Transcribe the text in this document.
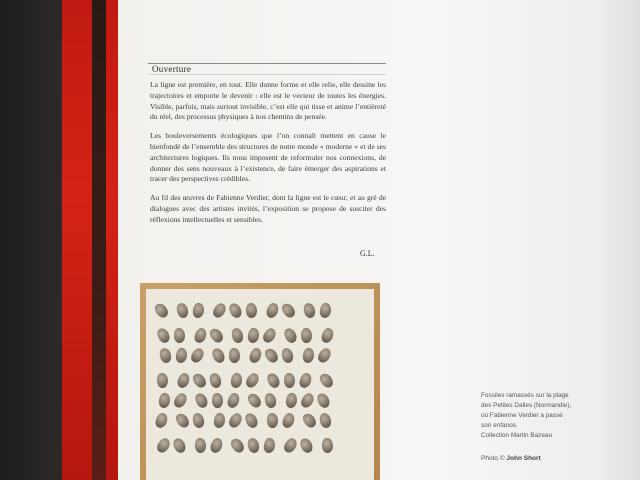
Ouverture

La ligne est première, en tout. Elle donne forme et elle relie, elle dessine les trajectoires et emporte le devenir : elle est le vecteur de toutes les énergies. Visible, parfois, mais surtout invisible, c’est elle qui tisse et anime l’entièreté du réel, des processus physiques à nos chemins de pensée.

Les bouleversements écologiques que l’on connaît mettent en cause le bienfondé de l’ensemble des structures de notre monde « moderne » et de ses architectures logiques. Ils nous imposent de reformuler nos connexions, de donner des sens nouveaux à l’existence, de faire émerger des aspirations et tracer des perspectives crédibles.

Au fil des œuvres de Fabienne Verdier, dont la ligne est le cœur, et au gré de dialogues avec des artistes invités, l’exposition se propose de susciter des réflexions intellectuelles et sensibles.

G.L.
Fossiles ramassés sur la plage
des Petites Dalles (Normandie),
où Fabienne Verdier a passé
son enfance.
Collection Martin Bazeau
Photo © John Short
